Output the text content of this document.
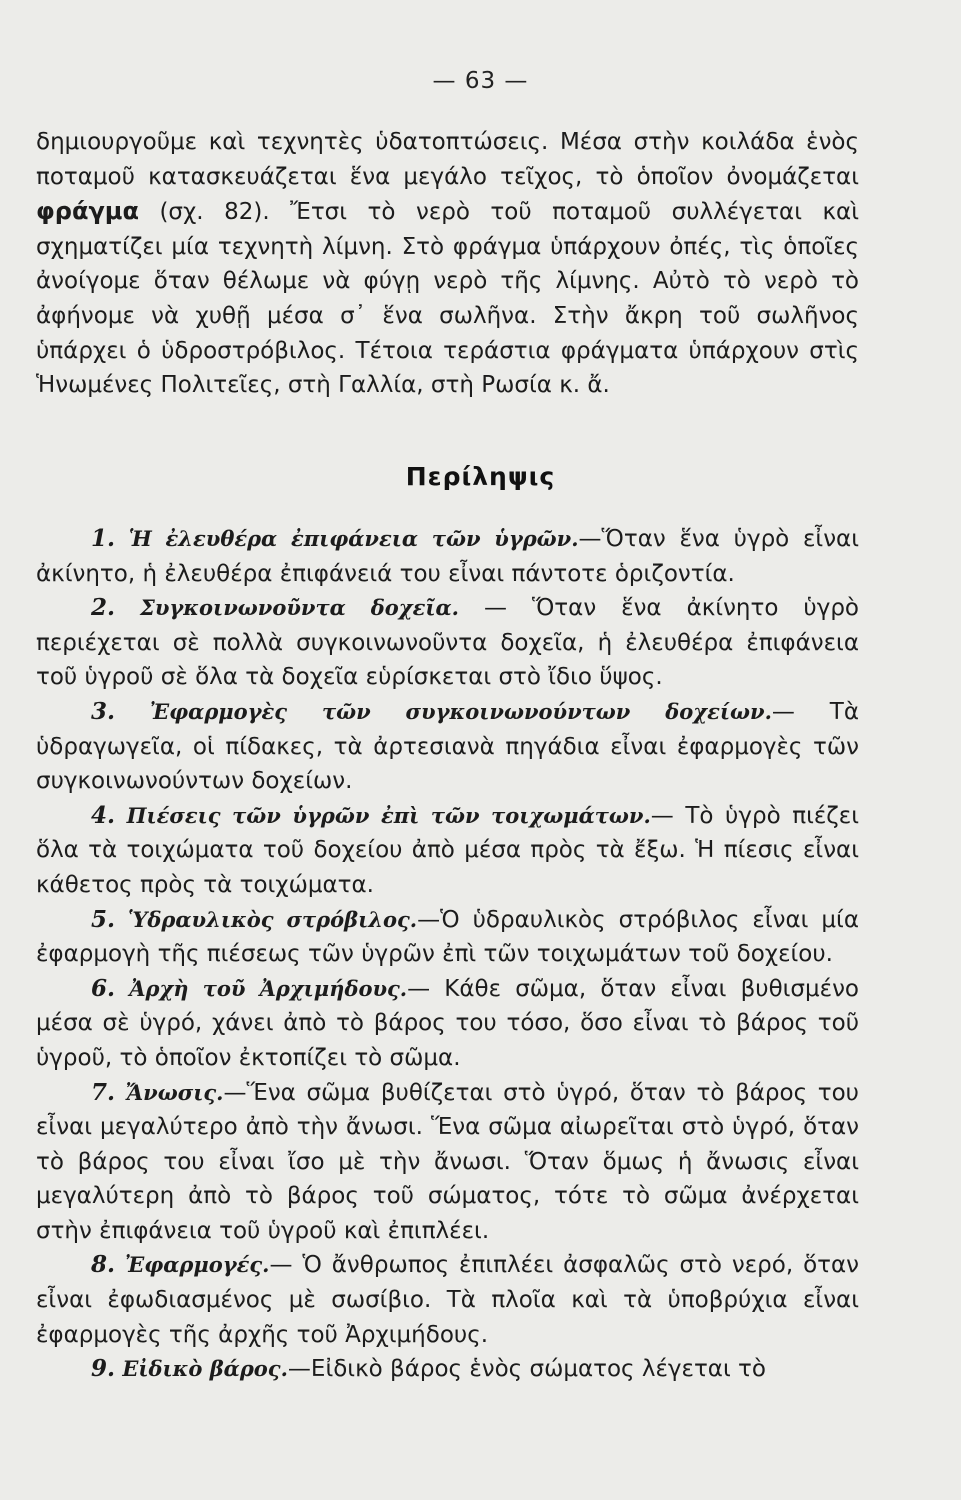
— 63 —

δημιουργοῦμε καὶ τεχνητὲς ὑδατοπτώσεις. Μέσα στὴν κοιλάδα ἑνὸς ποταμοῦ κατασκευάζεται ἕνα μεγάλο τεῖχος, τὸ ὁποῖον ὀνομάζεται φράγμα (σχ. 82). Ἔτσι τὸ νερὸ τοῦ ποταμοῦ συλλέγεται καὶ σχηματίζει μία τεχνητὴ λίμνη. Στὸ φράγμα ὑπάρχουν ὀπές, τὶς ὁποῖες ἀνοίγομε ὅταν θέλωμε νὰ φύγῃ νερὸ τῆς λίμνης. Αὐτὸ τὸ νερὸ τὸ ἀφήνομε νὰ χυθῇ μέσα σ᾽ ἕνα σωλῆνα. Στὴν ἄκρη τοῦ σωλῆνος ὑπάρχει ὁ ὑδροστρόβιλος. Τέτοια τεράστια φράγματα ὑπάρχουν στὶς Ἡνωμένες Πολιτεῖες, στὴ Γαλλία, στὴ Ρωσία κ. ἄ.

Περίληψις

1. Ἡ ἐλευθέρα ἐπιφάνεια τῶν ὑγρῶν.—Ὅταν ἕνα ὑγρὸ εἶναι ἀκίνητο, ἡ ἐλευθέρα ἐπιφάνειά του εἶναι πάντοτε ὁριζοντία.

2. Συγκοινωνοῦντα δοχεῖα. — Ὅταν ἕνα ἀκίνητο ὑγρὸ περιέχεται σὲ πολλὰ συγκοινωνοῦντα δοχεῖα, ἡ ἐλευθέρα ἐπιφάνεια τοῦ ὑγροῦ σὲ ὅλα τὰ δοχεῖα εὑρίσκεται στὸ ἴδιο ὕψος.

3. Ἐφαρμογὲς τῶν συγκοινωνούντων δοχείων.— Τὰ ὑδραγωγεῖα, οἱ πίδακες, τὰ ἀρτεσιανὰ πηγάδια εἶναι ἐφαρμογὲς τῶν συγκοινωνούντων δοχείων.

4. Πιέσεις τῶν ὑγρῶν ἐπὶ τῶν τοιχωμάτων.— Τὸ ὑγρὸ πιέζει ὅλα τὰ τοιχώματα τοῦ δοχείου ἀπὸ μέσα πρὸς τὰ ἔξω. Ἡ πίεσις εἶναι κάθετος πρὸς τὰ τοιχώματα.

5. Ὑδραυλικὸς στρόβιλος.—Ὁ ὑδραυλικὸς στρόβιλος εἶναι μία ἐφαρμογὴ τῆς πιέσεως τῶν ὑγρῶν ἐπὶ τῶν τοιχωμάτων τοῦ δοχείου.

6. Ἀρχὴ τοῦ Ἀρχιμήδους.— Κάθε σῶμα, ὅταν εἶναι βυθισμένο μέσα σὲ ὑγρό, χάνει ἀπὸ τὸ βάρος του τόσο, ὅσο εἶναι τὸ βάρος τοῦ ὑγροῦ, τὸ ὁποῖον ἐκτοπίζει τὸ σῶμα.

7. Ἄνωσις.—Ἕνα σῶμα βυθίζεται στὸ ὑγρό, ὅταν τὸ βάρος του εἶναι μεγαλύτερο ἀπὸ τὴν ἄνωσι. Ἕνα σῶμα αἰωρεῖται στὸ ὑγρό, ὅταν τὸ βάρος του εἶναι ἴσο μὲ τὴν ἄνωσι. Ὅταν ὅμως ἡ ἄνωσις εἶναι μεγαλύτερη ἀπὸ τὸ βάρος τοῦ σώματος, τότε τὸ σῶμα ἀνέρχεται στὴν ἐπιφάνεια τοῦ ὑγροῦ καὶ ἐπιπλέει.

8. Ἐφαρμογές.— Ὁ ἄνθρωπος ἐπιπλέει ἀσφαλῶς στὸ νερό, ὅταν εἶναι ἐφωδιασμένος μὲ σωσίβιο. Τὰ πλοῖα καὶ τὰ ὑποβρύχια εἶναι ἐφαρμογὲς τῆς ἀρχῆς τοῦ Ἀρχιμήδους.

9. Εἰδικὸ βάρος.—Εἰδικὸ βάρος ἑνὸς σώματος λέγεται τὸ
